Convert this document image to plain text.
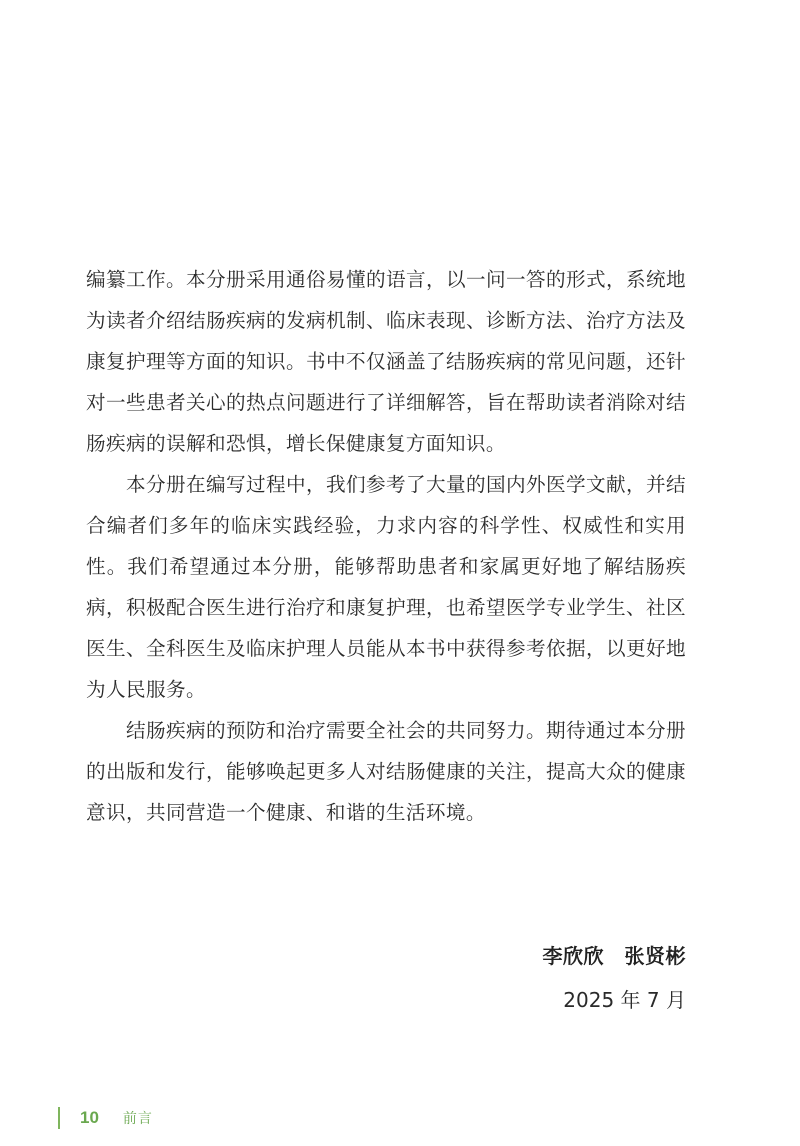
编纂工作。本分册采用通俗易懂的语言，以一问一答的形式，系统地为读者介绍结肠疾病的发病机制、临床表现、诊断方法、治疗方法及康复护理等方面的知识。书中不仅涵盖了结肠疾病的常见问题，还针对一些患者关心的热点问题进行了详细解答，旨在帮助读者消除对结肠疾病的误解和恐惧，增长保健康复方面知识。

本分册在编写过程中，我们参考了大量的国内外医学文献，并结合编者们多年的临床实践经验，力求内容的科学性、权威性和实用性。我们希望通过本分册，能够帮助患者和家属更好地了解结肠疾病，积极配合医生进行治疗和康复护理，也希望医学专业学生、社区医生、全科医生及临床护理人员能从本书中获得参考依据，以更好地为人民服务。

结肠疾病的预防和治疗需要全社会的共同努力。期待通过本分册的出版和发行，能够唤起更多人对结肠健康的关注，提高大众的健康意识，共同营造一个健康、和谐的生活环境。

李欣欣　张贤彬
2025 年 7 月
10 前言
